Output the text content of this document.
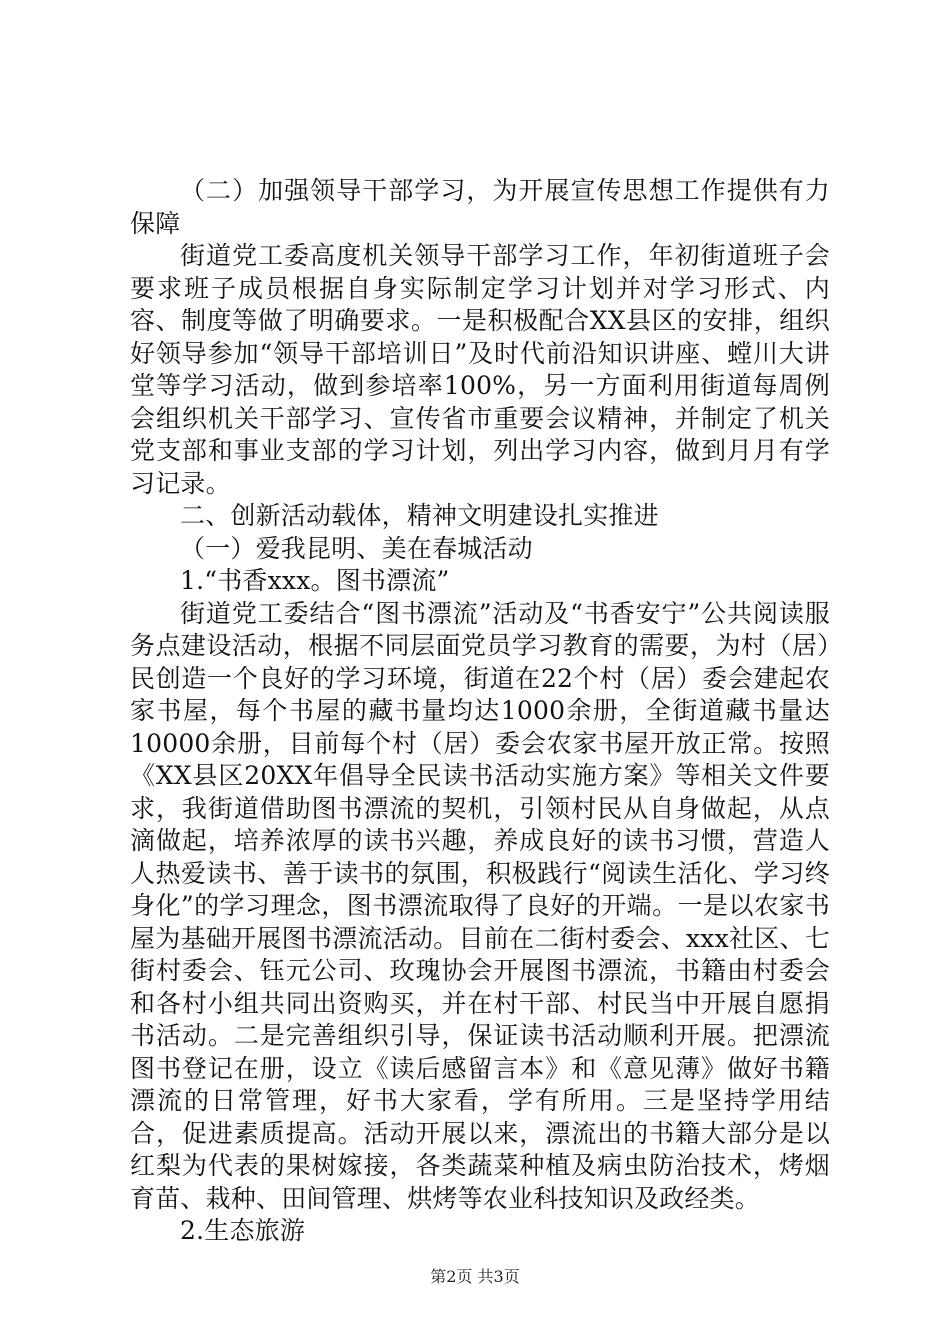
（二）加强领导干部学习，为开展宣传思想工作提供有力保障

街道党工委高度机关领导干部学习工作，年初街道班子会要求班子成员根据自身实际制定学习计划并对学习形式、内容、制度等做了明确要求。一是积极配合XX县区的安排，组织好领导参加“领导干部培训日”及时代前沿知识讲座、螳川大讲堂等学习活动，做到参培率100%，另一方面利用街道每周例会组织机关干部学习、宣传省市重要会议精神，并制定了机关党支部和事业支部的学习计划，列出学习内容，做到月月有学习记录。

二、创新活动载体，精神文明建设扎实推进

（一）爱我昆明、美在春城活动

1.“书香xxx。图书漂流”

街道党工委结合“图书漂流”活动及“书香安宁”公共阅读服务点建设活动，根据不同层面党员学习教育的需要，为村（居）民创造一个良好的学习环境，街道在22个村（居）委会建起农家书屋，每个书屋的藏书量均达1000余册，全街道藏书量达10000余册，目前每个村（居）委会农家书屋开放正常。按照《XX县区20XX年倡导全民读书活动实施方案》等相关文件要求，我街道借助图书漂流的契机，引领村民从自身做起，从点滴做起，培养浓厚的读书兴趣，养成良好的读书习惯，营造人人热爱读书、善于读书的氛围，积极践行“阅读生活化、学习终身化”的学习理念，图书漂流取得了良好的开端。一是以农家书屋为基础开展图书漂流活动。目前在二街村委会、xxx社区、七街村委会、钰元公司、玫瑰协会开展图书漂流，书籍由村委会和各村小组共同出资购买，并在村干部、村民当中开展自愿捐书活动。二是完善组织引导，保证读书活动顺利开展。把漂流图书登记在册，设立《读后感留言本》和《意见薄》做好书籍漂流的日常管理，好书大家看，学有所用。三是坚持学用结合，促进素质提高。活动开展以来，漂流出的书籍大部分是以红梨为代表的果树嫁接，各类蔬菜种植及病虫防治技术，烤烟育苗、栽种、田间管理、烘烤等农业科技知识及政经类。

2.生态旅游

第2页 共3页
